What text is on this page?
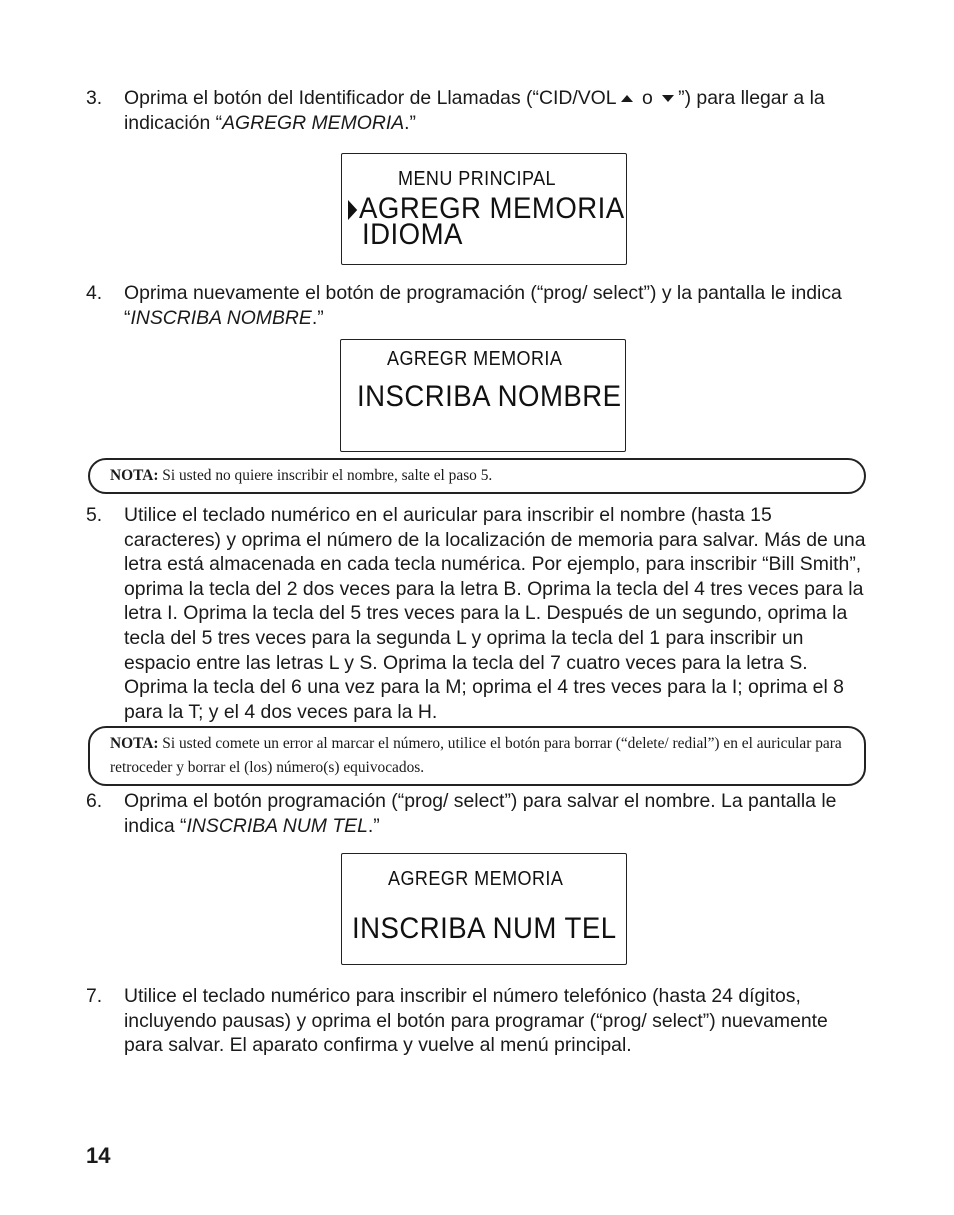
3. Oprima el botón del Identificador de Llamadas (“CID/VOL o ”) para llegar a la indicación “AGREGR MEMORIA.”
MENU PRINCIPAL
AGREGR MEMORIA
IDIOMA
4. Oprima nuevamente el botón de programación (“prog/ select”) y la pantalla le indica “INSCRIBA NOMBRE.”
AGREGR MEMORIA
INSCRIBA NOMBRE
NOTA: Si usted no quiere inscribir el nombre, salte el paso 5.
5. Utilice el teclado numérico en el auricular para inscribir el nombre (hasta 15 caracteres) y oprima el número de la localización de memoria para salvar. Más de una letra está almacenada en cada tecla numérica. Por ejemplo, para inscribir “Bill Smith”, oprima la tecla del 2 dos veces para la letra B. Oprima la tecla del 4 tres veces para la letra I. Oprima la tecla del 5 tres veces para la L. Después de un segundo, oprima la tecla del 5 tres veces para la segunda L y oprima la tecla del 1 para inscribir un espacio entre las letras L y S. Oprima la tecla del 7 cuatro veces para la letra S. Oprima la tecla del 6 una vez para la M; oprima el 4 tres veces para la I; oprima el 8 para la T; y el 4 dos veces para la H.
NOTA: Si usted comete un error al marcar el número, utilice el botón para borrar (“delete/ redial”) en el auricular para retroceder y borrar el (los) número(s) equivocados.
6. Oprima el botón programación (“prog/ select”) para salvar el nombre. La pantalla le indica “INSCRIBA NUM TEL.”
AGREGR MEMORIA
INSCRIBA NUM TEL
7. Utilice el teclado numérico para inscribir el número telefónico (hasta 24 dígitos, incluyendo pausas) y oprima el botón para programar (“prog/ select”) nuevamente para salvar. El aparato confirma y vuelve al menú principal.
14
